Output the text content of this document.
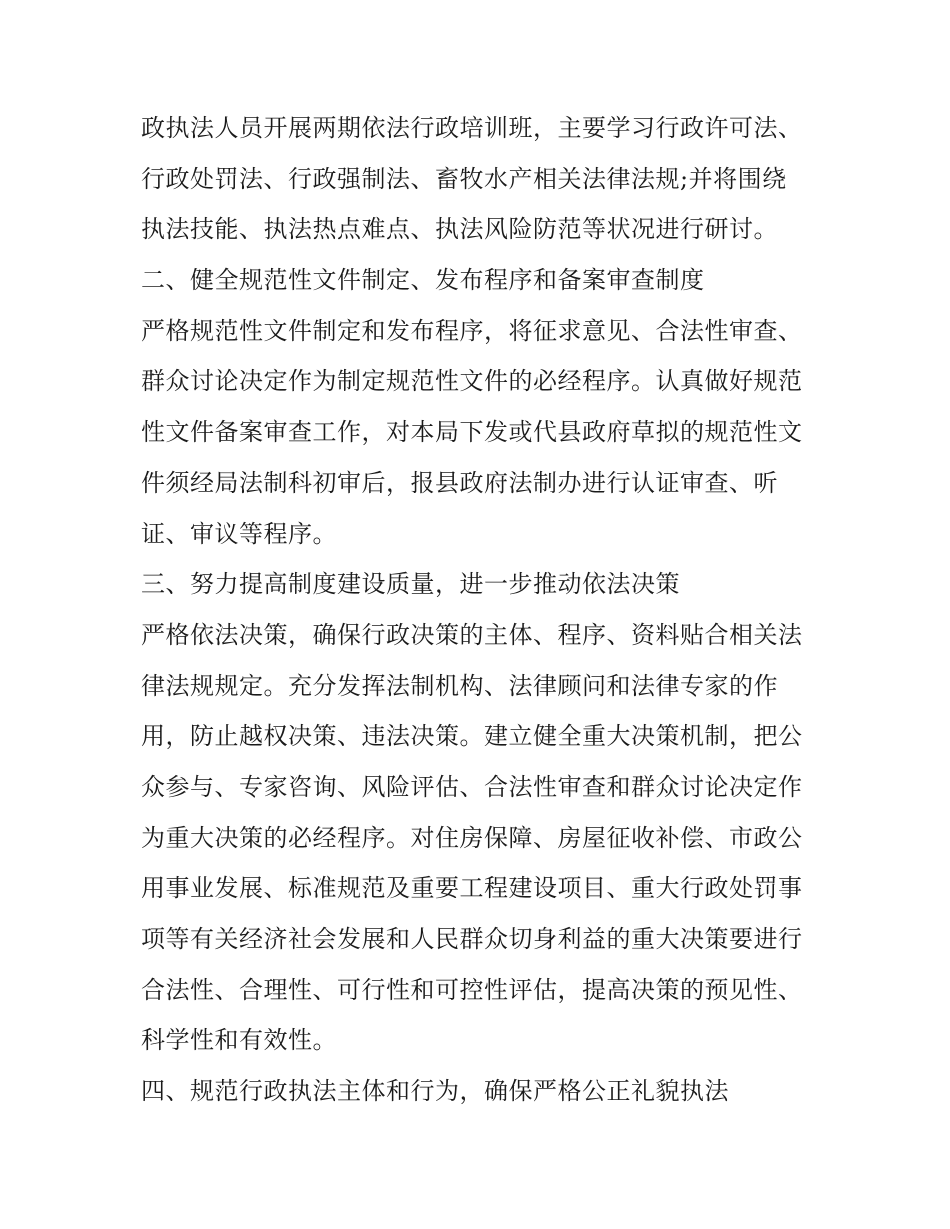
政执法人员开展两期依法行政培训班，主要学习行政许可法、
行政处罚法、行政强制法、畜牧水产相关法律法规;并将围绕
执法技能、执法热点难点、执法风险防范等状况进行研讨。
二、健全规范性文件制定、发布程序和备案审查制度
严格规范性文件制定和发布程序，将征求意见、合法性审查、
群众讨论决定作为制定规范性文件的必经程序。认真做好规范
性文件备案审查工作，对本局下发或代县政府草拟的规范性文
件须经局法制科初审后，报县政府法制办进行认证审查、听
证、审议等程序。
三、努力提高制度建设质量，进一步推动依法决策
严格依法决策，确保行政决策的主体、程序、资料贴合相关法
律法规规定。充分发挥法制机构、法律顾问和法律专家的作
用，防止越权决策、违法决策。建立健全重大决策机制，把公
众参与、专家咨询、风险评估、合法性审查和群众讨论决定作
为重大决策的必经程序。对住房保障、房屋征收补偿、市政公
用事业发展、标准规范及重要工程建设项目、重大行政处罚事
项等有关经济社会发展和人民群众切身利益的重大决策要进行
合法性、合理性、可行性和可控性评估，提高决策的预见性、
科学性和有效性。
四、规范行政执法主体和行为，确保严格公正礼貌执法
